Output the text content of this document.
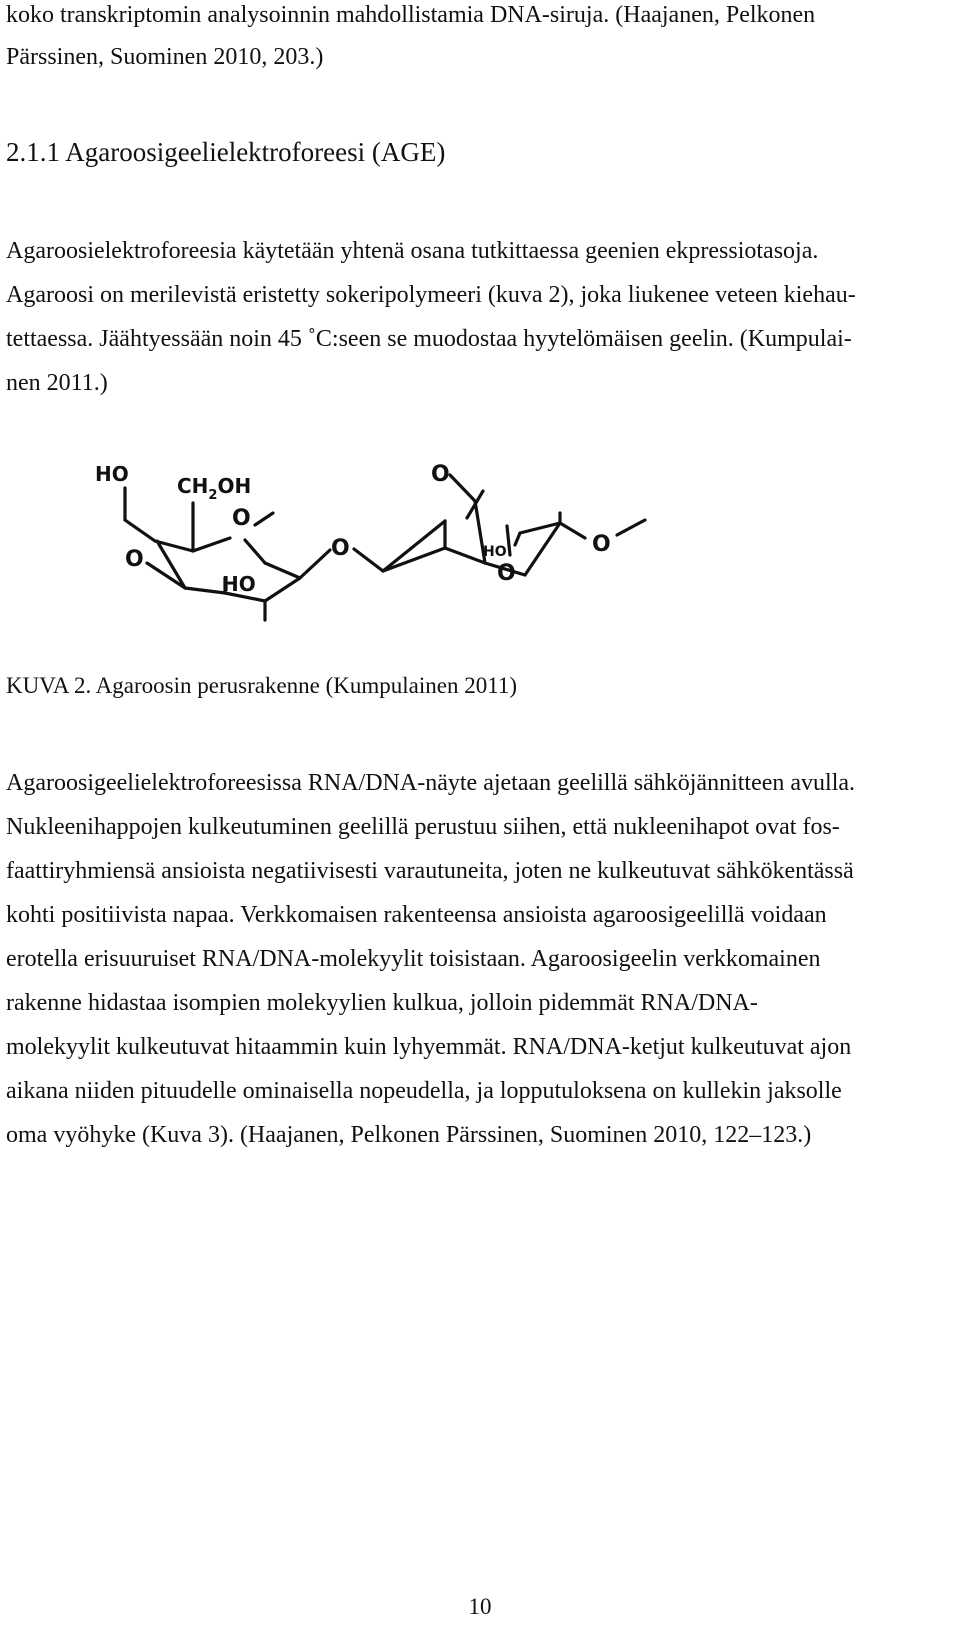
koko transkriptomin analysoinnin mahdollistamia DNA-siruja. (Haajanen, Pelkonen
Pärssinen, Suominen 2010, 203.)
2.1.1 Agaroosigeelielektroforeesi (AGE)
Agaroosielektroforeesia käytetään yhtenä osana tutkittaessa geenien ekpressiotasoja.
Agaroosi on merilevistä eristetty sokeripolymeeri (kuva 2), joka liukenee veteen kiehau-
tettaessa. Jäähtyessään noin 45 ˚C:seen se muodostaa hyytelömäisen geelin. (Kumpulai-
nen 2011.)
HO $CH_2OH$
O
O
HO
O
O
HO
O
O
KUVA 2. Agaroosin perusrakenne (Kumpulainen 2011)
Agaroosigeelielektroforeesissa RNA/DNA-näyte ajetaan geelillä sähköjännitteen avulla.
Nukleenihappojen kulkeutuminen geelillä perustuu siihen, että nukleenihapot ovat fos-
faattiryhmiensä ansioista negatiivisesti varautuneita, joten ne kulkeutuvat sähkökentässä
kohti positiivista napaa. Verkkomaisen rakenteensa ansioista agaroosigeelillä voidaan
erotella erisuuruiset RNA/DNA-molekyylit toisistaan. Agaroosigeelin verkkomainen
rakenne hidastaa isompien molekyylien kulkua, jolloin pidemmät RNA/DNA-
molekyylit kulkeutuvat hitaammin kuin lyhyemmät. RNA/DNA-ketjut kulkeutuvat ajon
aikana niiden pituudelle ominaisella nopeudella, ja lopputuloksena on kullekin jaksolle
oma vyöhyke (Kuva 3). (Haajanen, Pelkonen Pärssinen, Suominen 2010, 122–123.)
10
